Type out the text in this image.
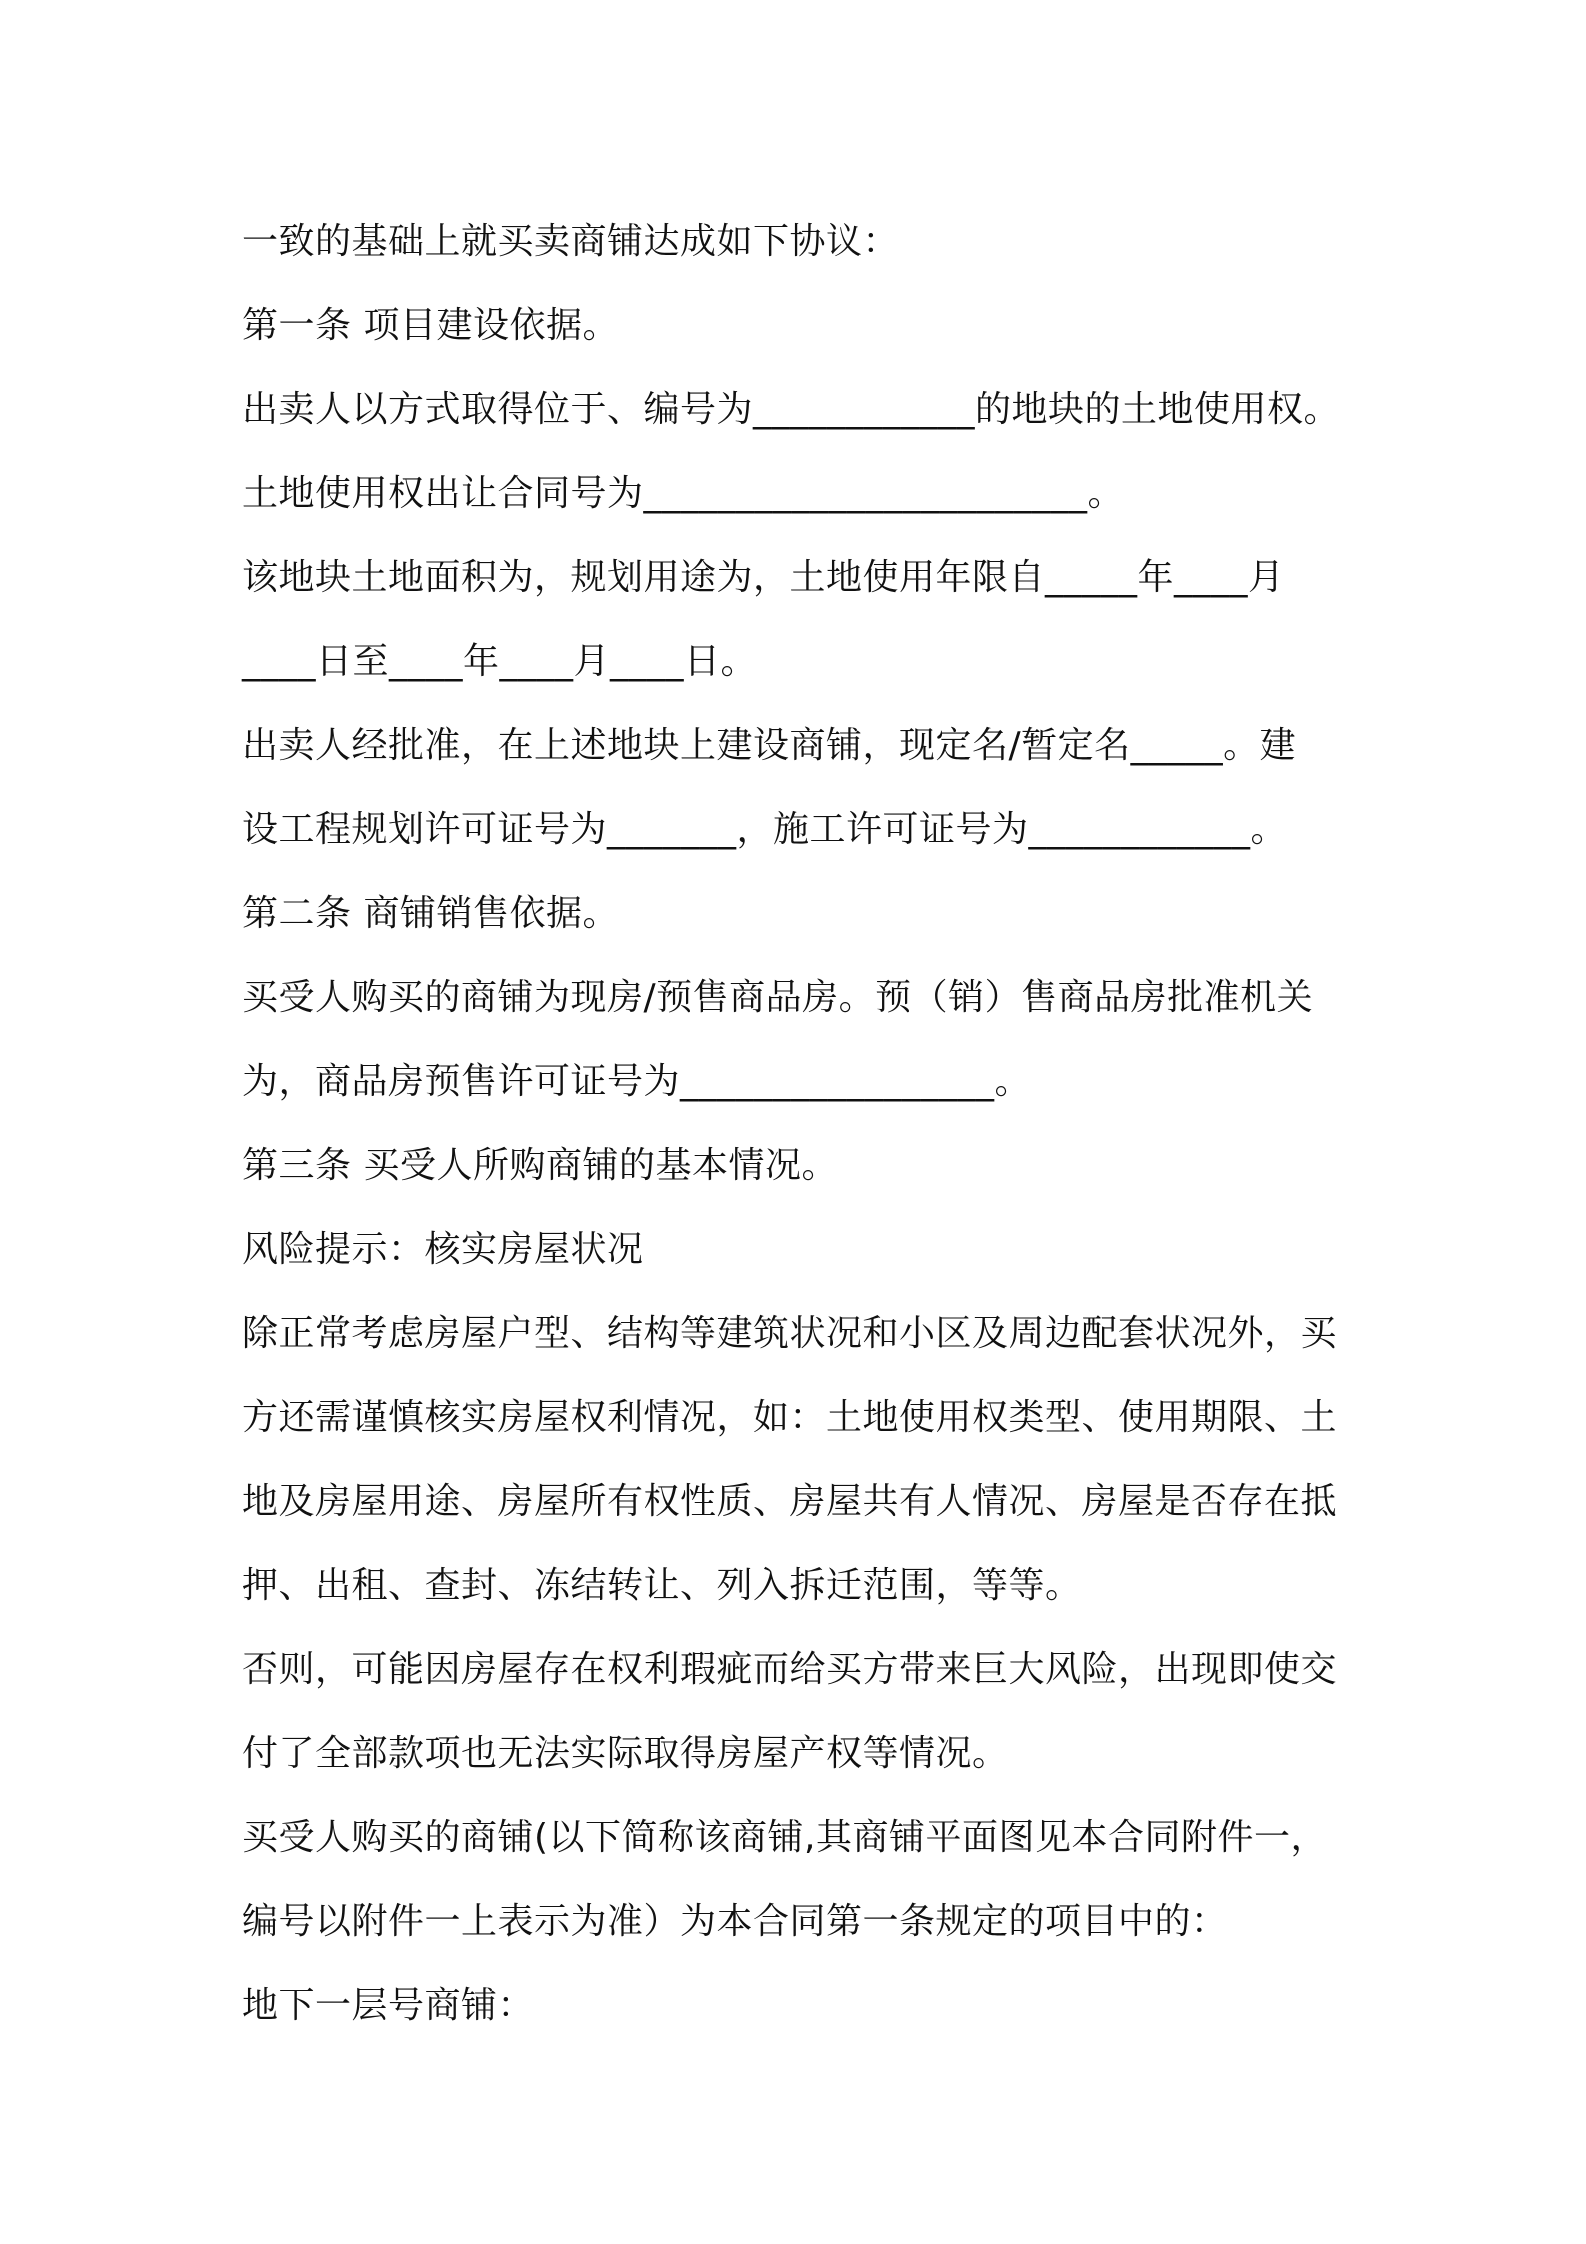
一致的基础上就买卖商铺达成如下协议：
第一条 项目建设依据。
出卖人以方式取得位于、编号为____________的地块的土地使用权。
土地使用权出让合同号为________________________。
该地块土地面积为，规划用途为，土地使用年限自_____年____月
____日至____年____月____日。
出卖人经批准，在上述地块上建设商铺，现定名/暂定名_____。建
设工程规划许可证号为_______，施工许可证号为____________。
第二条 商铺销售依据。
买受人购买的商铺为现房/预售商品房。预（销）售商品房批准机关
为，商品房预售许可证号为_________________。
第三条 买受人所购商铺的基本情况。
风险提示：核实房屋状况
除正常考虑房屋户型、结构等建筑状况和小区及周边配套状况外，买
方还需谨慎核实房屋权利情况，如：土地使用权类型、使用期限、土
地及房屋用途、房屋所有权性质、房屋共有人情况、房屋是否存在抵
押、出租、查封、冻结转让、列入拆迁范围，等等。
否则，可能因房屋存在权利瑕疵而给买方带来巨大风险，出现即使交
付了全部款项也无法实际取得房屋产权等情况。
买受人购买的商铺(以下简称该商铺,其商铺平面图见本合同附件一，
编号以附件一上表示为准）为本合同第一条规定的项目中的：
地下一层号商铺：
